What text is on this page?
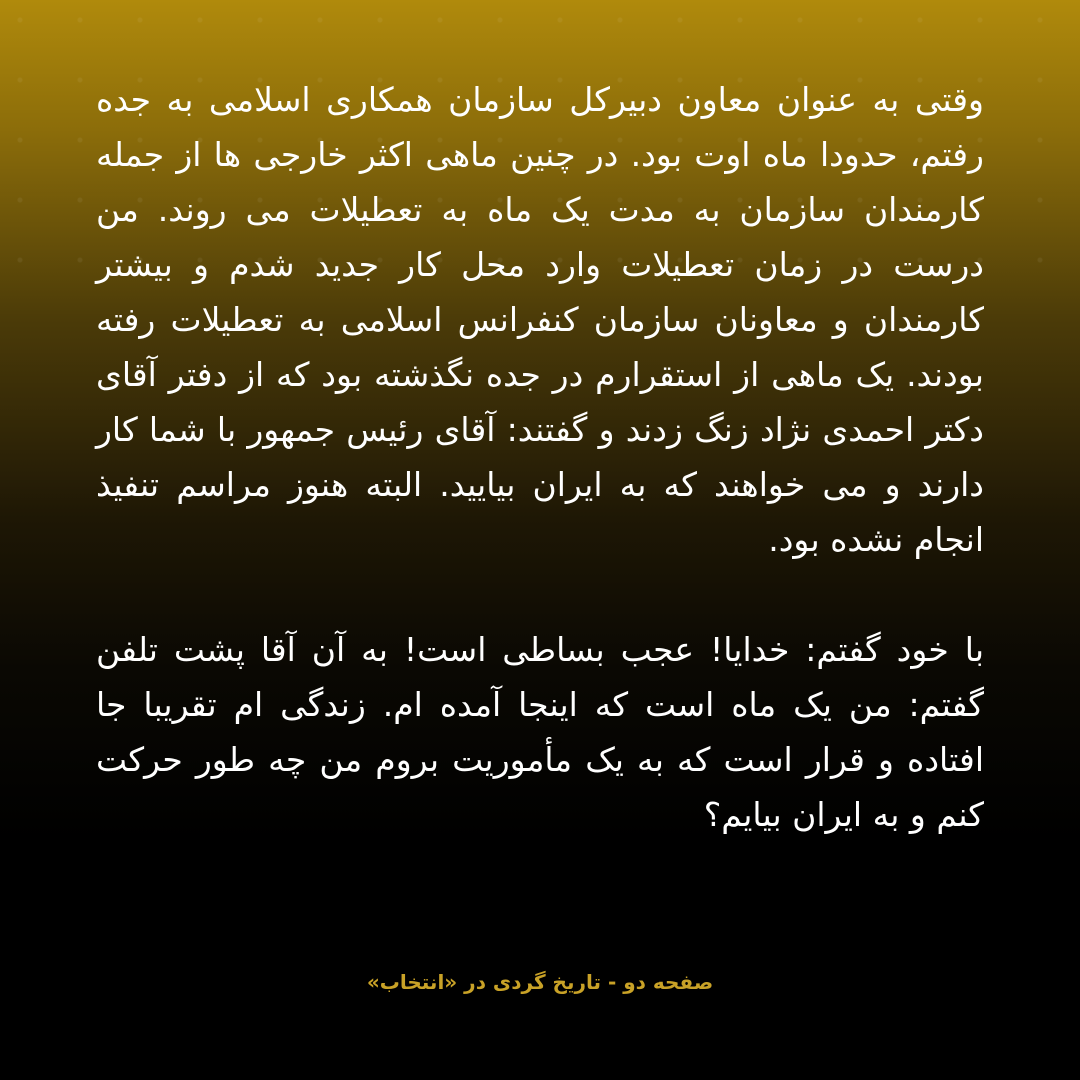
وقتی به عنوان معاون دبیرکل سازمان همکاری اسلامی به جده رفتم، حدودا ماه اوت بود. در چنین ماهی اکثر خارجی ها از جمله کارمندان سازمان به مدت یک ماه به تعطیلات می روند. من درست در زمان تعطیلات وارد محل کار جدید شدم و بیشتر کارمندان و معاونان سازمان کنفرانس اسلامی به تعطیلات رفته بودند. یک ماهی از استقرارم در جده نگذشته بود که از دفتر آقای دکتر احمدی نژاد زنگ زدند و گفتند: آقای رئیس جمهور با شما کار دارند و می خواهند که به ایران بیایید. البته هنوز مراسم تنفیذ انجام نشده بود.

با خود گفتم: خدایا! عجب بساطی است! به آن آقا پشت تلفن گفتم: من یک ماه است که اینجا آمده ام. زندگی ام تقریبا جا افتاده و قرار است که به یک مأموریت بروم من چه طور حرکت کنم و به ایران بیایم؟

صفحه دو - تاریخ گردی در «انتخاب»
